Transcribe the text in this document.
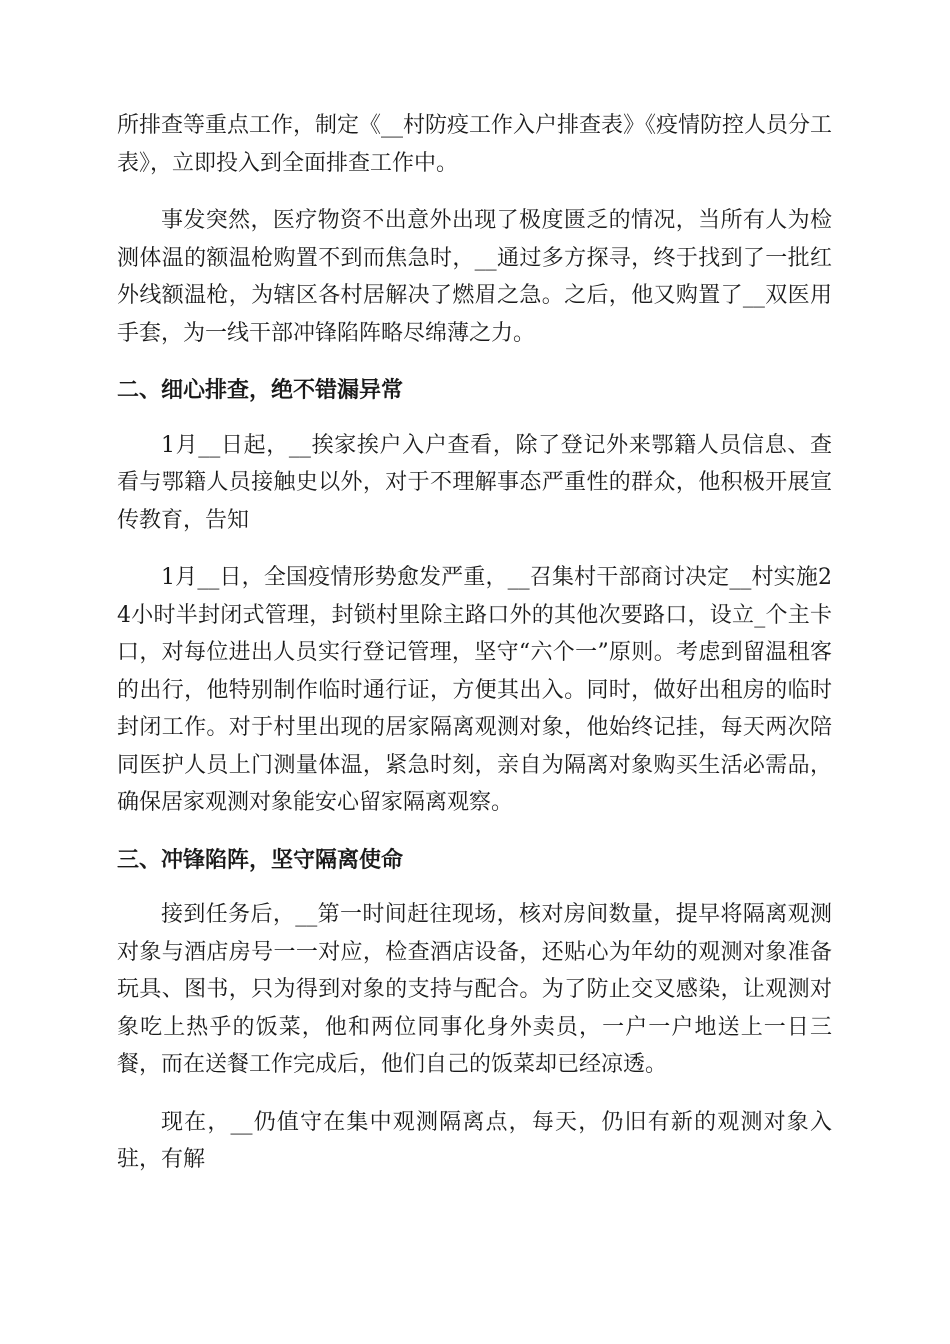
所排查等重点工作，制定《__村防疫工作入户排查表》《疫情防控人员分工表》，立即投入到全面排查工作中。

事发突然，医疗物资不出意外出现了极度匮乏的情况，当所有人为检测体温的额温枪购置不到而焦急时，__通过多方探寻，终于找到了一批红外线额温枪，为辖区各村居解决了燃眉之急。之后，他又购置了__双医用手套，为一线干部冲锋陷阵略尽绵薄之力。

二、细心排查，绝不错漏异常

1月__日起，__挨家挨户入户查看，除了登记外来鄂籍人员信息、查看与鄂籍人员接触史以外，对于不理解事态严重性的群众，他积极开展宣传教育，告知

1月__日，全国疫情形势愈发严重，__召集村干部商讨决定__村实施24小时半封闭式管理，封锁村里除主路口外的其他次要路口，设立_个主卡口，对每位进出人员实行登记管理，坚守“六个一”原则。考虑到留温租客的出行，他特别制作临时通行证，方便其出入。同时，做好出租房的临时封闭工作。对于村里出现的居家隔离观测对象，他始终记挂，每天两次陪同医护人员上门测量体温，紧急时刻，亲自为隔离对象购买生活必需品，确保居家观测对象能安心留家隔离观察。

三、冲锋陷阵，坚守隔离使命

接到任务后，__第一时间赶往现场，核对房间数量，提早将隔离观测对象与酒店房号一一对应，检查酒店设备，还贴心为年幼的观测对象准备玩具、图书，只为得到对象的支持与配合。为了防止交叉感染，让观测对象吃上热乎的饭菜，他和两位同事化身外卖员，一户一户地送上一日三餐，而在送餐工作完成后，他们自己的饭菜却已经凉透。

现在，__仍值守在集中观测隔离点，每天，仍旧有新的观测对象入驻，有解
